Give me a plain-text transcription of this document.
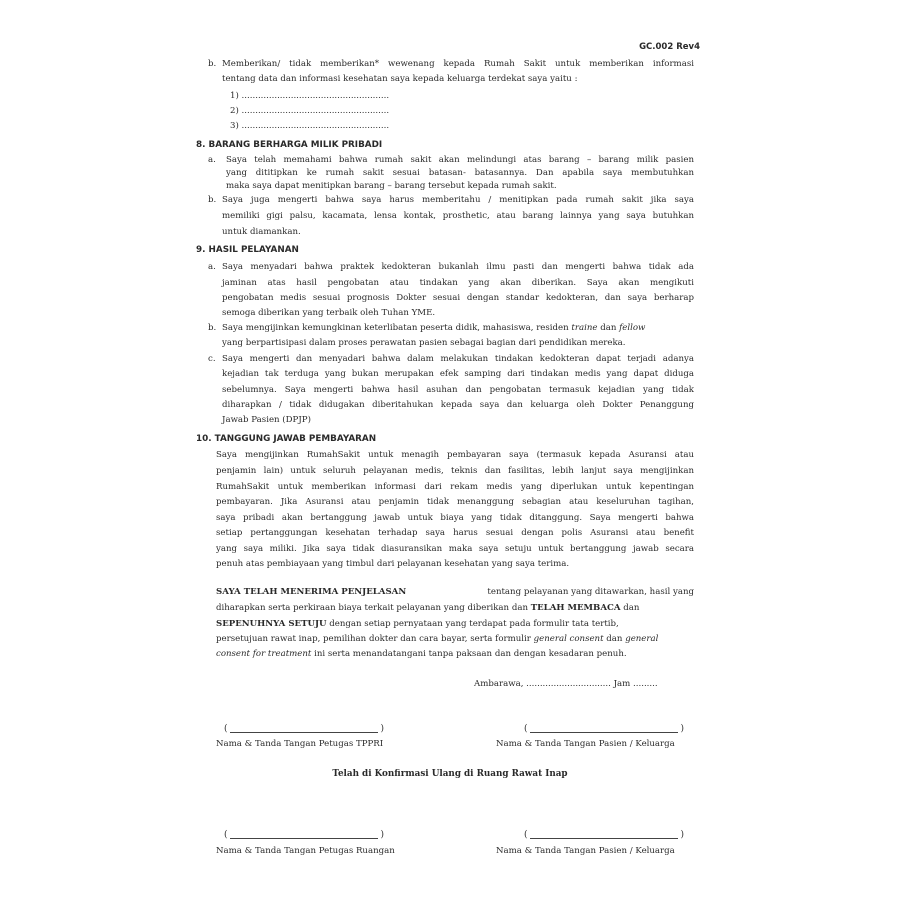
GC.002 Rev4
b. Memberikan/ tidak memberikan* wewenang kepada Rumah Sakit untuk memberikan informasi
tentang data dan informasi kesehatan saya kepada keluarga terdekat saya yaitu :
1) ......................................................
2) ......................................................
3) ......................................................
8. BARANG BERHARGA MILIK PRIBADI
a. Saya telah memahami bahwa rumah sakit akan melindungi atas barang – barang milik pasien
yang dititipkan ke rumah sakit sesuai batasan- batasannya. Dan apabila saya membutuhkan
maka saya dapat menitipkan barang – barang tersebut kepada rumah sakit.
b. Saya juga mengerti bahwa saya harus memberitahu / menitipkan pada rumah sakit jika saya
memiliki gigi palsu, kacamata, lensa kontak, prosthetic, atau barang lainnya yang saya butuhkan
untuk diamankan.
9. HASIL PELAYANAN
a. Saya menyadari bahwa praktek kedokteran bukanlah ilmu pasti dan mengerti bahwa tidak ada
jaminan atas hasil pengobatan atau tindakan yang akan diberikan. Saya akan mengikuti
pengobatan medis sesuai prognosis Dokter sesuai dengan standar kedokteran, dan saya berharap
semoga diberikan yang terbaik oleh Tuhan YME.
b. Saya mengijinkan kemungkinan keterlibatan peserta didik, mahasiswa, residen traine dan fellow
yang berpartisipasi dalam proses perawatan pasien sebagai bagian dari pendidikan mereka.
c. Saya mengerti dan menyadari bahwa dalam melakukan tindakan kedokteran dapat terjadi adanya
kejadian tak terduga yang bukan merupakan efek samping dari tindakan medis yang dapat diduga
sebelumnya. Saya mengerti bahwa hasil asuhan dan pengobatan termasuk kejadian yang tidak
diharapkan / tidak didugakan diberitahukan kepada saya dan keluarga oleh Dokter Penanggung
Jawab Pasien (DPJP)
10. TANGGUNG JAWAB PEMBAYARAN
Saya mengijinkan RumahSakit untuk menagih pembayaran saya (termasuk kepada Asuransi atau
penjamin lain) untuk seluruh pelayanan medis, teknis dan fasilitas, lebih lanjut saya mengijinkan
RumahSakit untuk memberikan informasi dari rekam medis yang diperlukan untuk kepentingan
pembayaran. Jika Asuransi atau penjamin tidak menanggung sebagian atau keseluruhan tagihan,
saya pribadi akan bertanggung jawab untuk biaya yang tidak ditanggung. Saya mengerti bahwa
setiap pertanggungan kesehatan terhadap saya harus sesuai dengan polis Asuransi atau benefit
yang saya miliki. Jika saya tidak diasuransikan maka saya setuju untuk bertanggung jawab secara
penuh atas pembiayaan yang timbul dari pelayanan kesehatan yang saya terima.
SAYA TELAH MENERIMA PENJELASAN	tentang pelayanan yang ditawarkan, hasil yang
diharapkan serta perkiraan biaya terkait pelayanan yang diberikan dan TELAH MEMBACA dan
SEPENUHNYA SETUJU dengan setiap pernyataan yang terdapat pada formulir tata tertib,
persetujuan rawat inap, pemilihan dokter dan cara bayar, serta formulir general consent dan general
consent for treatment ini serta menandatangani tanpa paksaan dan dengan kesadaran penuh.
Ambarawa, ............................... Jam .........
(	)
Nama & Tanda Tangan Petugas TPPRI
(	)
Nama & Tanda Tangan Pasien / Keluarga
Telah di Konfirmasi Ulang di Ruang Rawat Inap
(	)
Nama & Tanda Tangan Petugas Ruangan
(	)
Nama & Tanda Tangan Pasien / Keluarga
